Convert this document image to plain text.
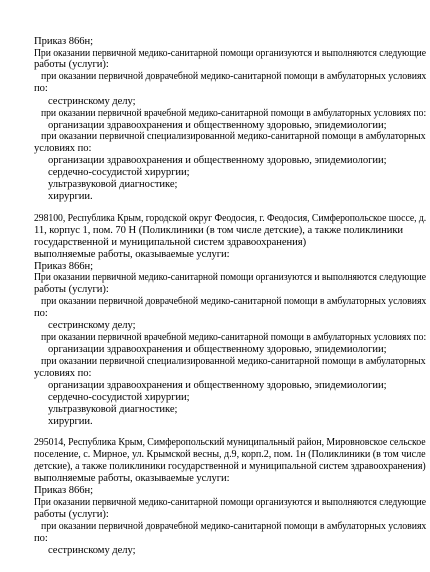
Приказ 866н;
При оказании первичной медико-санитарной помощи организуются и выполняются следующие
работы (услуги):
при оказании первичной доврачебной медико-санитарной помощи в амбулаторных условиях
по:
сестринскому делу;
при оказании первичной врачебной медико-санитарной помощи в амбулаторных условиях по:
организации здравоохранения и общественному здоровью, эпидемиологии;
при оказании первичной специализированной медико-санитарной помощи в амбулаторных
условиях по:
организации здравоохранения и общественному здоровью, эпидемиологии;
сердечно-сосудистой хирургии;
ультразвуковой диагностике;
хирургии.
298100, Республика Крым, городской округ Феодосия, г. Феодосия, Симферопольское шоссе, д.
11, корпус 1, пом. 70 Н (Поликлиники (в том числе детские), а также поликлиники
государственной и муниципальной систем здравоохранения)
выполняемые работы, оказываемые услуги:
Приказ 866н;
При оказании первичной медико-санитарной помощи организуются и выполняются следующие
работы (услуги):
при оказании первичной доврачебной медико-санитарной помощи в амбулаторных условиях
по:
сестринскому делу;
при оказании первичной врачебной медико-санитарной помощи в амбулаторных условиях по:
организации здравоохранения и общественному здоровью, эпидемиологии;
при оказании первичной специализированной медико-санитарной помощи в амбулаторных
условиях по:
организации здравоохранения и общественному здоровью, эпидемиологии;
сердечно-сосудистой хирургии;
ультразвуковой диагностике;
хирургии.
295014, Республика Крым, Симферопольский муниципальный район, Мировновское сельское
поселение, с. Мирное, ул. Крымской весны, д.9, корп.2, пом. 1н (Поликлиники (в том числе
детские), а также поликлиники государственной и муниципальной систем здравоохранения)
выполняемые работы, оказываемые услуги:
Приказ 866н;
При оказании первичной медико-санитарной помощи организуются и выполняются следующие
работы (услуги):
при оказании первичной доврачебной медико-санитарной помощи в амбулаторных условиях
по:
сестринскому делу;
